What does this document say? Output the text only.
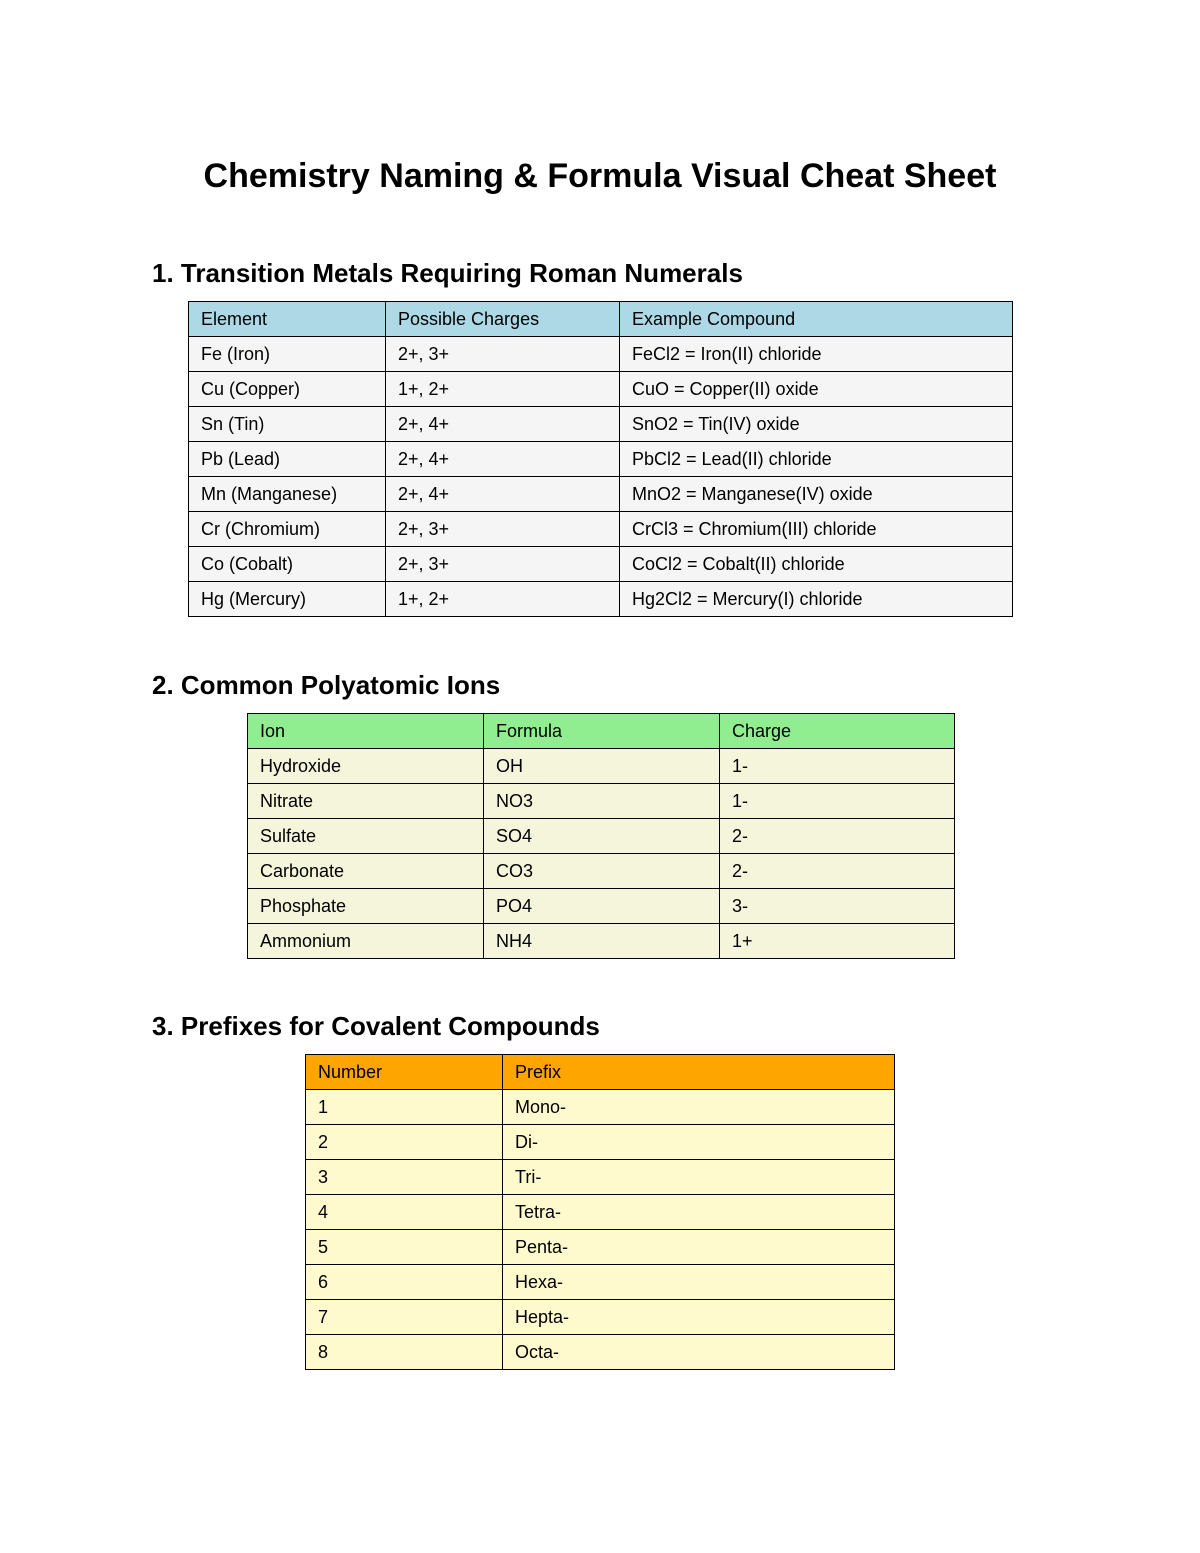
Chemistry Naming & Formula Visual Cheat Sheet
1. Transition Metals Requiring Roman Numerals
Element	Possible Charges	Example Compound
Fe (Iron)	2+, 3+	FeCl2 = Iron(II) chloride
Cu (Copper)	1+, 2+	CuO = Copper(II) oxide
Sn (Tin)	2+, 4+	SnO2 = Tin(IV) oxide
Pb (Lead)	2+, 4+	PbCl2 = Lead(II) chloride
Mn (Manganese)	2+, 4+	MnO2 = Manganese(IV) oxide
Cr (Chromium)	2+, 3+	CrCl3 = Chromium(III) chloride
Co (Cobalt)	2+, 3+	CoCl2 = Cobalt(II) chloride
Hg (Mercury)	1+, 2+	Hg2Cl2 = Mercury(I) chloride
2. Common Polyatomic Ions
Ion	Formula	Charge
Hydroxide	OH	1-
Nitrate	NO3	1-
Sulfate	SO4	2-
Carbonate	CO3	2-
Phosphate	PO4	3-
Ammonium	NH4	1+
3. Prefixes for Covalent Compounds
Number	Prefix
1	Mono-
2	Di-
3	Tri-
4	Tetra-
5	Penta-
6	Hexa-
7	Hepta-
8	Octa-
